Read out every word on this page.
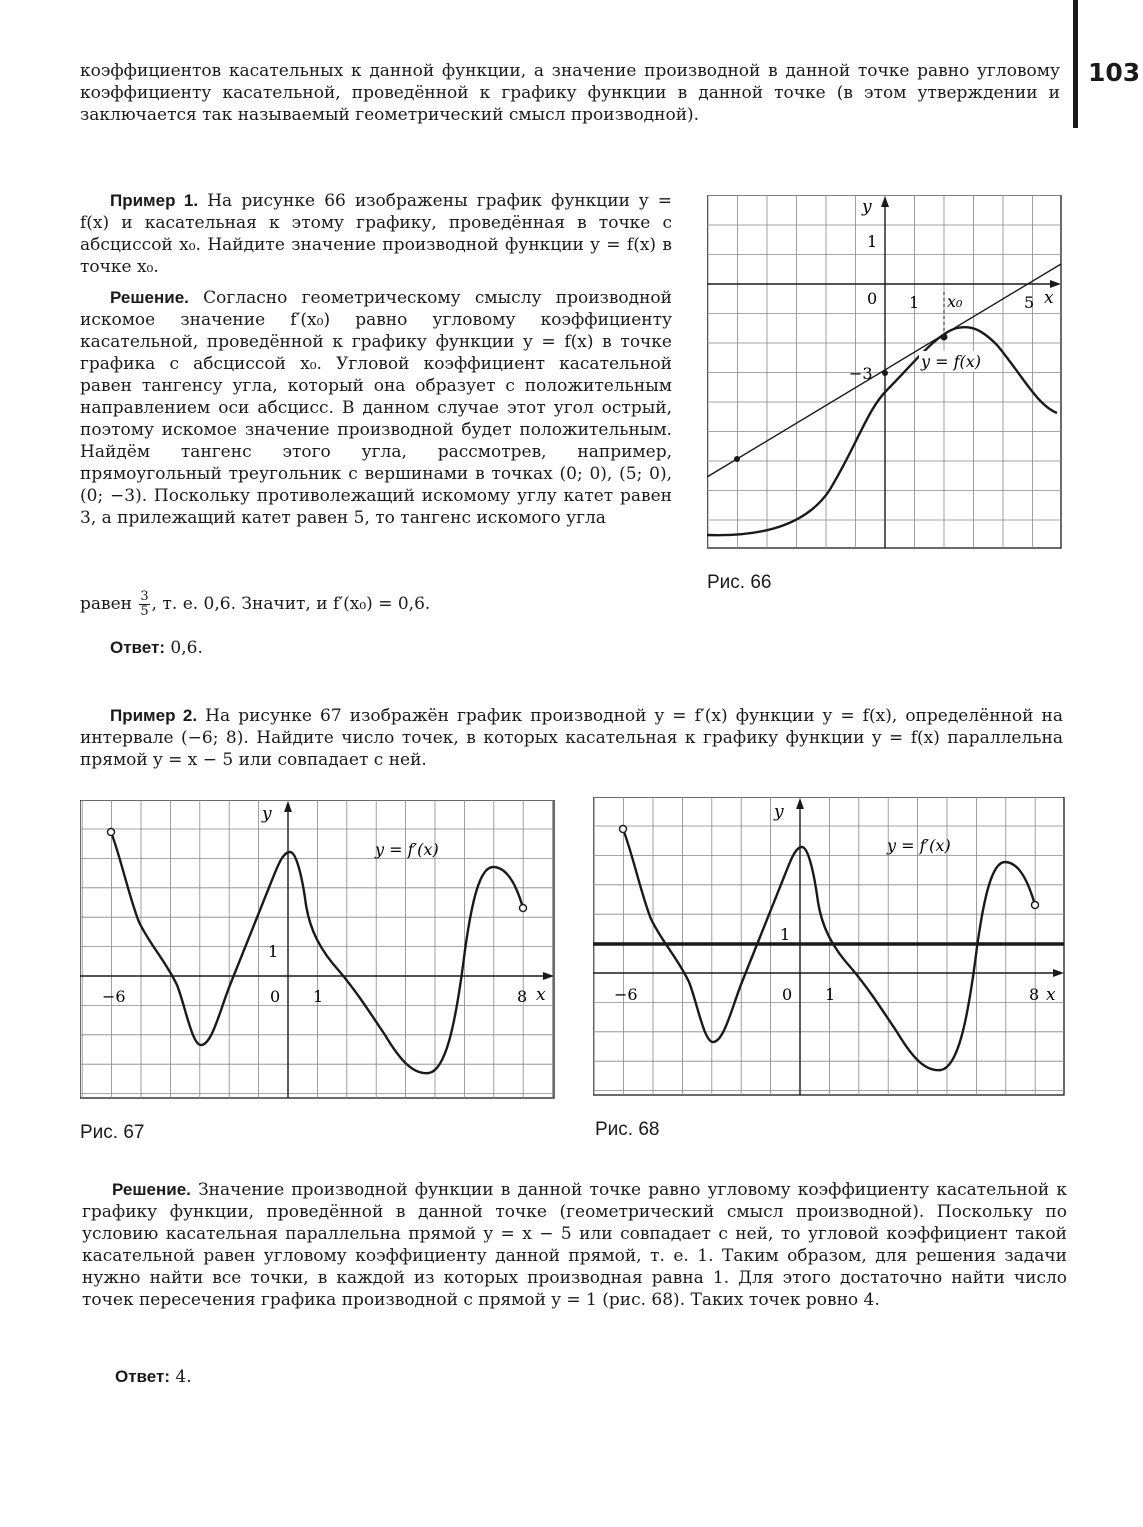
103
коэффициентов касательных к данной функции, а значение производной в данной точке равно угловому коэффициенту касательной, проведённой к графику функции в данной точке (в этом утверждении и заключается так называемый геометрический смысл производной).
Пример 1. На рисунке 66 изображены график функции y = f(x) и касательная к этому графику, проведённая в точке с абсциссой x₀. Найдите значение производной функции y = f(x) в точке x₀.
Решение. Согласно геометрическому смыслу производной искомое значение f′(x₀) равно угловому коэффициенту касательной, проведённой к графику функции y = f(x) в точке графика с абсциссой x₀. Угловой коэффициент касательной равен тангенсу угла, который она образует с положительным направлением оси абсцисс. В данном случае этот угол острый, поэтому искомое значение производной будет положительным. Найдём тангенс этого угла, рассмотрев, например, прямоугольный треугольник с вершинами в точках (0; 0), (5; 0), (0; −3). Поскольку противолежащий искомому углу катет равен 3, а прилежащий катет равен 5, то тангенс искомого угла
равен $\frac{3}{5}$ , т. е. 0,6. Значит, и f′(x₀) = 0,6.
Ответ: 0,6.
y
x
0
1
1 x₀	5
−3
y = f(x)
Рис. 66
Пример 2. На рисунке 67 изображён график производной y = f′(x) функции y = f(x), определённой на интервале (−6; 8). Найдите число точек, в которых касательная к графику функции y = f(x) параллельна прямой y = x − 5 или совпадает с ней.
y
x
−6	0 1
1
8
y = f′(x)
Рис. 67
y
x
−6	0 1
1
8
y = f′(x)
Рис. 68
Решение. Значение производной функции в данной точке равно угловому коэффициенту касательной к графику функции, проведённой в данной точке (геометрический смысл производной). Поскольку по условию касательная параллельна прямой y = x − 5 или совпадает с ней, то угловой коэффициент такой касательной равен угловому коэффициенту данной прямой, т. е. 1. Таким образом, для решения задачи нужно найти все точки, в каждой из которых производная равна 1. Для этого достаточно найти число точек пересечения графика производной с прямой y = 1 (рис. 68). Таких точек ровно 4.
Ответ: 4.
